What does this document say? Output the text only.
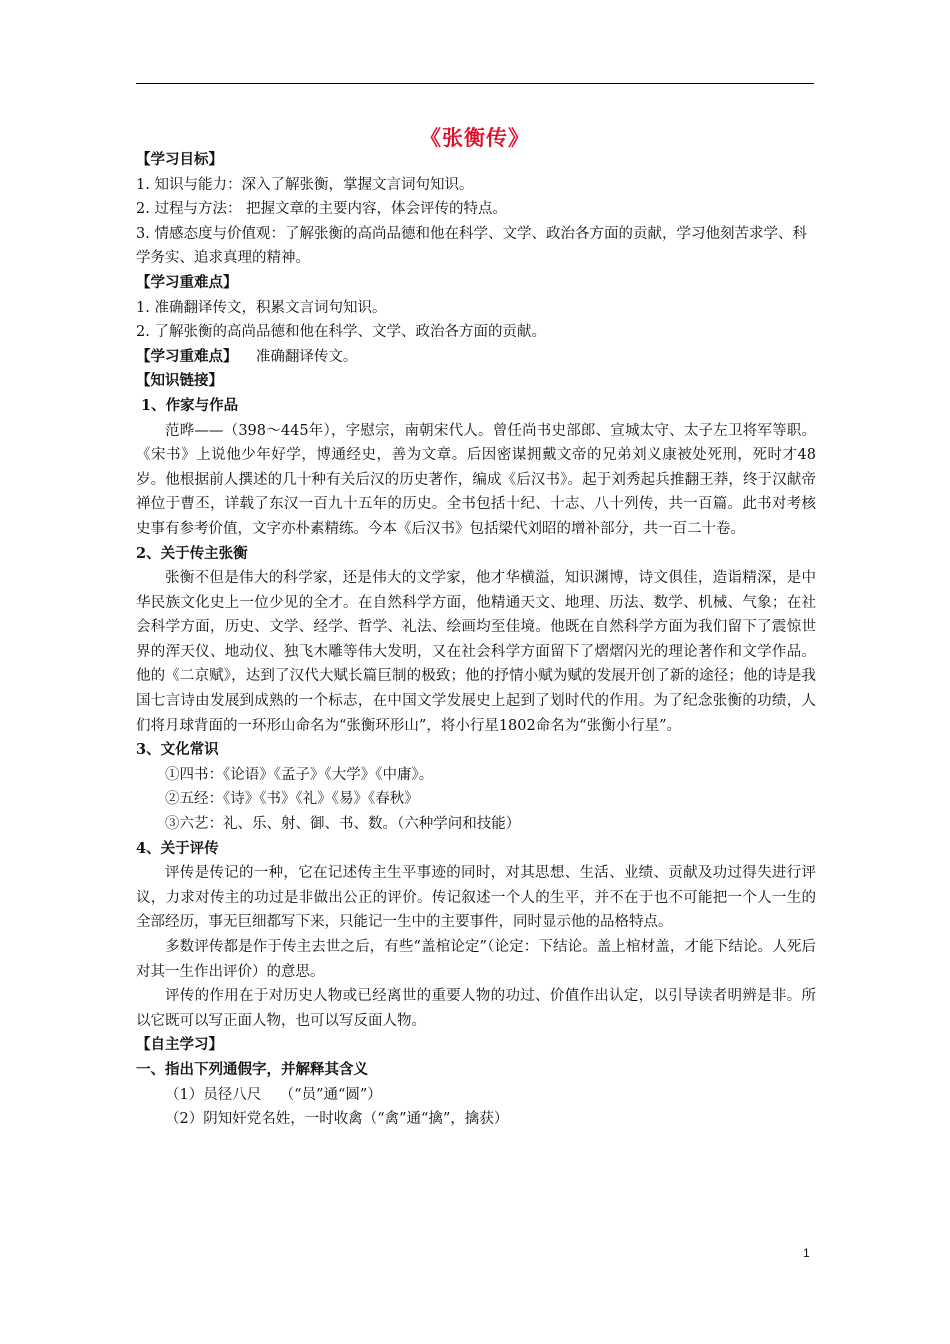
《张衡传》

【学习目标】

1. 知识与能力：深入了解张衡，掌握文言词句知识。

2. 过程与方法： 把握文章的主要内容，体会评传的特点。

3. 情感态度与价值观：了解张衡的高尚品德和他在科学、文学、政治各方面的贡献，学习他刻苦求学、科学务实、追求真理的精神。

【学习重难点】

1. 准确翻译传文，积累文言词句知识。

2. 了解张衡的高尚品德和他在科学、文学、政治各方面的贡献。

【学习重难点】    准确翻译传文。

【知识链接】

1、作家与作品

范晔——（398～445年），字慰宗，南朝宋代人。曾任尚书史部郎、宣城太守、太子左卫将军等职。《宋书》上说他少年好学，博通经史，善为文章。后因密谋拥戴文帝的兄弟刘义康被处死刑，死时才48岁。他根据前人撰述的几十种有关后汉的历史著作，编成《后汉书》。起于刘秀起兵推翻王莽，终于汉献帝禅位于曹丕，详载了东汉一百九十五年的历史。全书包括十纪、十志、八十列传，共一百篇。此书对考核史事有参考价值，文字亦朴素精练。今本《后汉书》包括梁代刘昭的增补部分，共一百二十卷。

2、关于传主张衡

张衡不但是伟大的科学家，还是伟大的文学家，他才华横溢，知识渊博，诗文俱佳，造诣精深，是中华民族文化史上一位少见的全才。在自然科学方面，他精通天文、地理、历法、数学、机械、气象；在社会科学方面，历史、文学、经学、哲学、礼法、绘画均至佳境。他既在自然科学方面为我们留下了震惊世界的浑天仪、地动仪、独飞木雕等伟大发明，又在社会科学方面留下了熠熠闪光的理论著作和文学作品。他的《二京赋》，达到了汉代大赋长篇巨制的极致；他的抒情小赋为赋的发展开创了新的途径；他的诗是我国七言诗由发展到成熟的一个标志，在中国文学发展史上起到了划时代的作用。为了纪念张衡的功绩，人们将月球背面的一环形山命名为“张衡环形山”，将小行星1802命名为“张衡小行星”。

3、文化常识

①四书：《论语》《孟子》《大学》《中庸》。

②五经：《诗》《书》《礼》《易》《春秋》

③六艺：礼、乐、射、御、书、数。（六种学问和技能）

4、关于评传

评传是传记的一种，它在记述传主生平事迹的同时，对其思想、生活、业绩、贡献及功过得失进行评议，力求对传主的功过是非做出公正的评价。传记叙述一个人的生平，并不在于也不可能把一个人一生的全部经历，事无巨细都写下来，只能记一生中的主要事件，同时显示他的品格特点。

多数评传都是作于传主去世之后，有些“盖棺论定”（论定：下结论。盖上棺材盖，才能下结论。人死后对其一生作出评价）的意思。

评传的作用在于对历史人物或已经离世的重要人物的功过、价值作出认定，以引导读者明辨是非。所以它既可以写正面人物，也可以写反面人物。

【自主学习】

一、指出下列通假字，并解释其含义

（1）员径八尺    （“员”通“圆”）

（2）阴知奸党名姓，一时收禽（“禽”通“擒”，擒获）

1
